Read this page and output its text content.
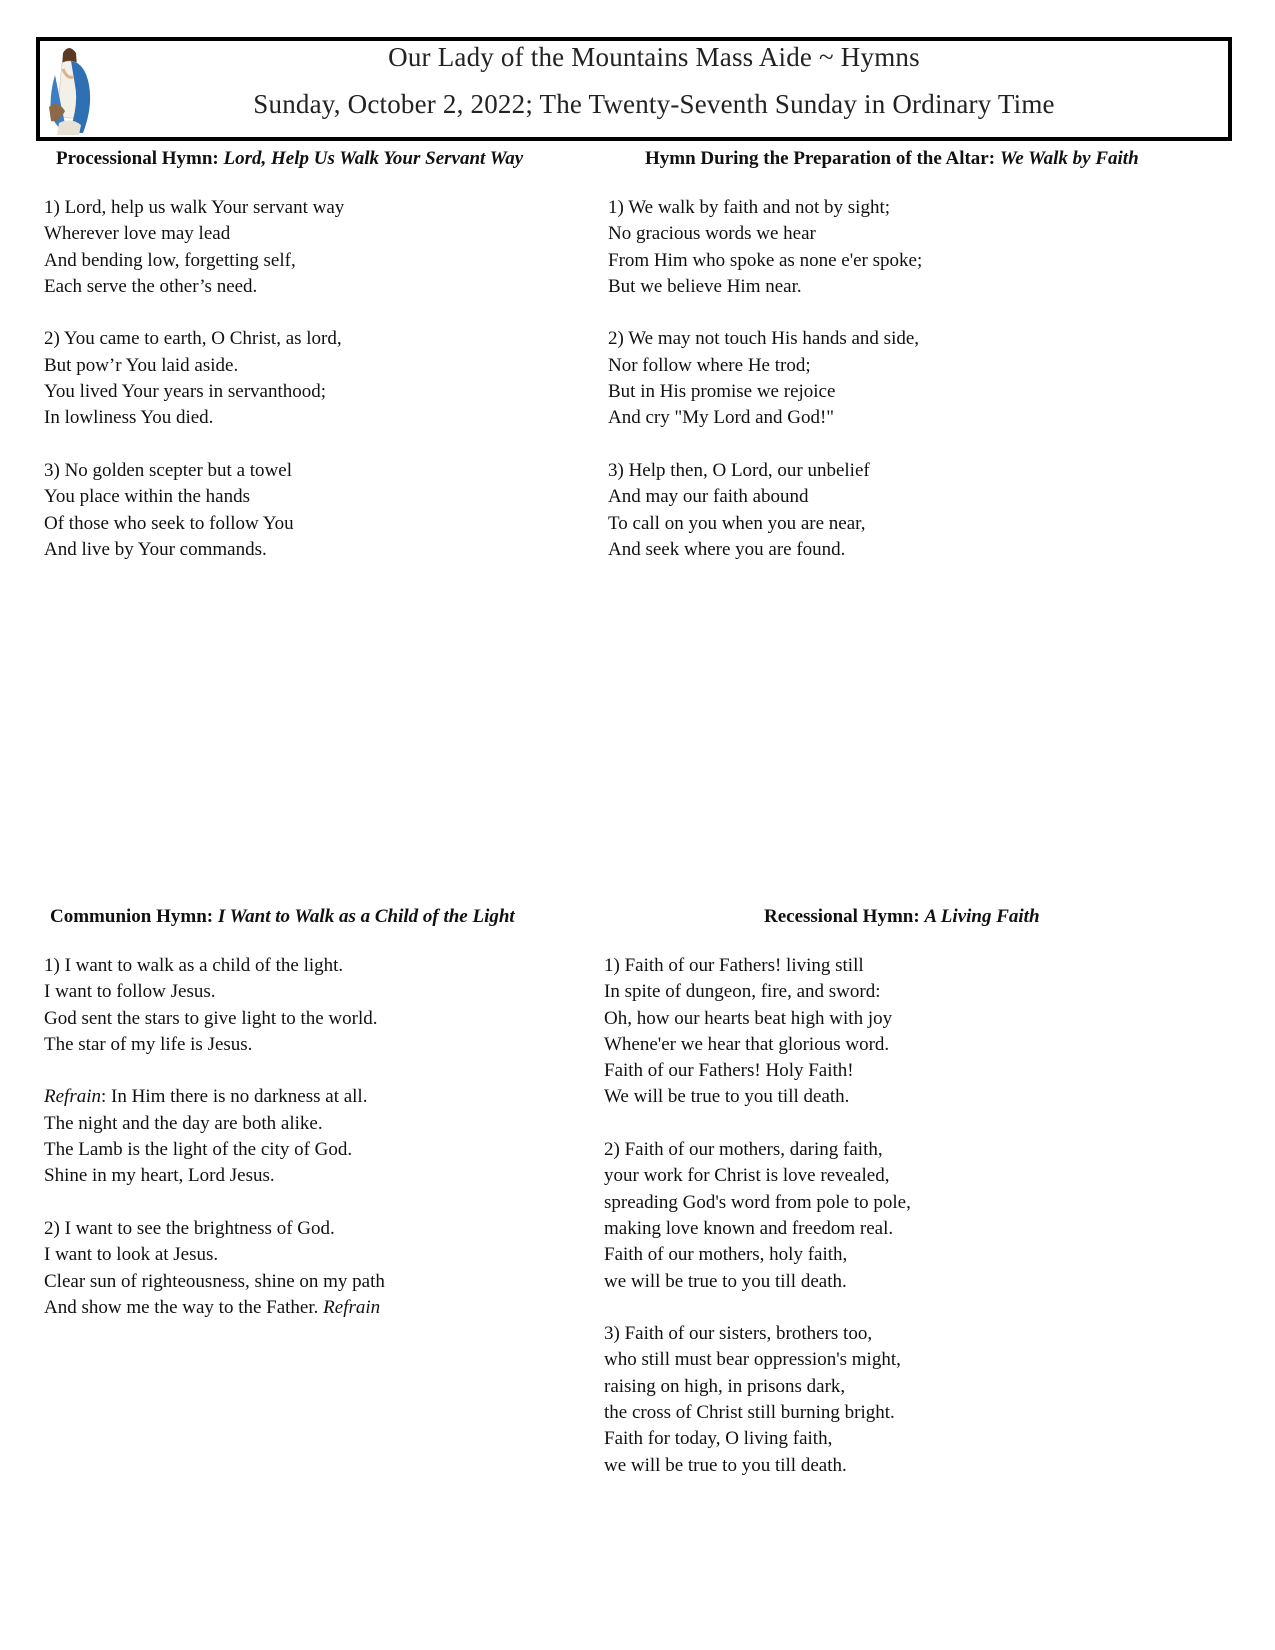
Our Lady of the Mountains Mass Aide ~ Hymns
Sunday, October 2, 2022; The Twenty-Seventh Sunday in Ordinary Time
Processional Hymn: Lord, Help Us Walk Your Servant Way
1) Lord, help us walk Your servant way
Wherever love may lead
And bending low, forgetting self,
Each serve the other’s need.
2) You came to earth, O Christ, as lord,
But pow’r You laid aside.
You lived Your years in servanthood;
In lowliness You died.
3) No golden scepter but a towel
You place within the hands
Of those who seek to follow You
And live by Your commands.
Hymn During the Preparation of the Altar: We Walk by Faith
1) We walk by faith and not by sight;
No gracious words we hear
From Him who spoke as none e'er spoke;
But we believe Him near.
2) We may not touch His hands and side,
Nor follow where He trod;
But in His promise we rejoice
And cry "My Lord and God!"
3) Help then, O Lord, our unbelief
And may our faith abound
To call on you when you are near,
And seek where you are found.
Communion Hymn: I Want to Walk as a Child of the Light
1) I want to walk as a child of the light.
I want to follow Jesus.
God sent the stars to give light to the world.
The star of my life is Jesus.
Refrain: In Him there is no darkness at all.
The night and the day are both alike.
The Lamb is the light of the city of God.
Shine in my heart, Lord Jesus.
2) I want to see the brightness of God.
I want to look at Jesus.
Clear sun of righteousness, shine on my path
And show me the way to the Father. Refrain
Recessional Hymn: A Living Faith
1) Faith of our Fathers! living still
In spite of dungeon, fire, and sword:
Oh, how our hearts beat high with joy
Whene'er we hear that glorious word.
Faith of our Fathers! Holy Faith!
We will be true to you till death.
2) Faith of our mothers, daring faith,
your work for Christ is love revealed,
spreading God's word from pole to pole,
making love known and freedom real.
Faith of our mothers, holy faith,
we will be true to you till death.
3) Faith of our sisters, brothers too,
who still must bear oppression's might,
raising on high, in prisons dark,
the cross of Christ still burning bright.
Faith for today, O living faith,
we will be true to you till death.
